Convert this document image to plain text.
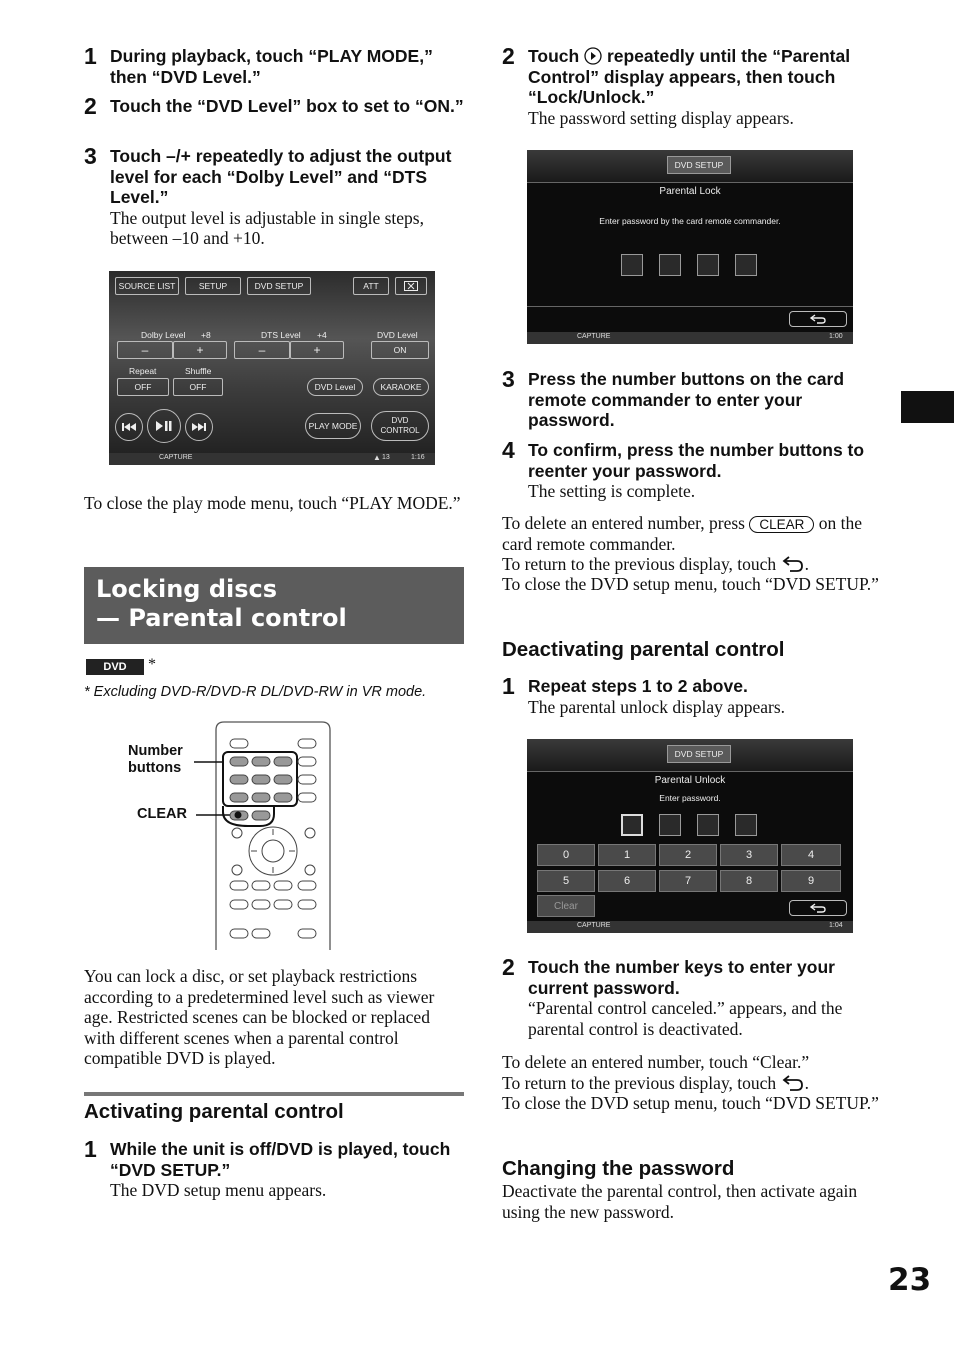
1 During playback, touch “PLAY MODE,” then “DVD Level.”
2 Touch the “DVD Level” box to set to “ON.”
3 Touch –/+ repeatedly to adjust the output level for each “Dolby Level” and “DTS Level.”
The output level is adjustable in single steps, between –10 and +10.
SOURCE LIST	SETUP	DVD SETUP	ATT
Dolby Level +8	DTS Level +4	DVD Level
–	+	–	+	ON
Repeat	Shuffle
OFF	OFF	DVD Level	KARAOKE
PLAY MODE
DVD CONTROL
CAPTURE	▲ 13	1:16
To close the play mode menu, touch “PLAY MODE.”
Locking discs
— Parental control
DVD	*
* Excluding DVD-R/DVD-R DL/DVD-RW in VR mode.
Number
buttons
CLEAR
You can lock a disc, or set playback restrictions according to a predetermined level such as viewer age. Restricted scenes can be blocked or replaced with different scenes when a parental control compatible DVD is played.
Activating parental control
1 While the unit is off/DVD is played, touch “DVD SETUP.”
The DVD setup menu appears.
2 Touch repeatedly until the “Parental Control” display appears, then touch “Lock/Unlock.”
The password setting display appears.
DVD SETUP
Parental Lock
Enter password by the card remote commander.
CAPTURE	1:00
3 Press the number buttons on the card remote commander to enter your password.
4 To confirm, press the number buttons to reenter your password.
The setting is complete.
To delete an entered number, press CLEAR on the card remote commander.
To return to the previous display, touch .
To close the DVD setup menu, touch “DVD SETUP.”
Deactivating parental control
1 Repeat steps 1 to 2 above.
The parental unlock display appears.
DVD SETUP
Parental Unlock
Enter password.
0	1	2	3	4
5	6	7	8	9
Clear
CAPTURE	1:04
2 Touch the number keys to enter your current password.
“Parental control canceled.” appears, and the parental control is deactivated.
To delete an entered number, touch “Clear.”
To return to the previous display, touch .
To close the DVD setup menu, touch “DVD SETUP.”
Changing the password
Deactivate the parental control, then activate again using the new password.
23
